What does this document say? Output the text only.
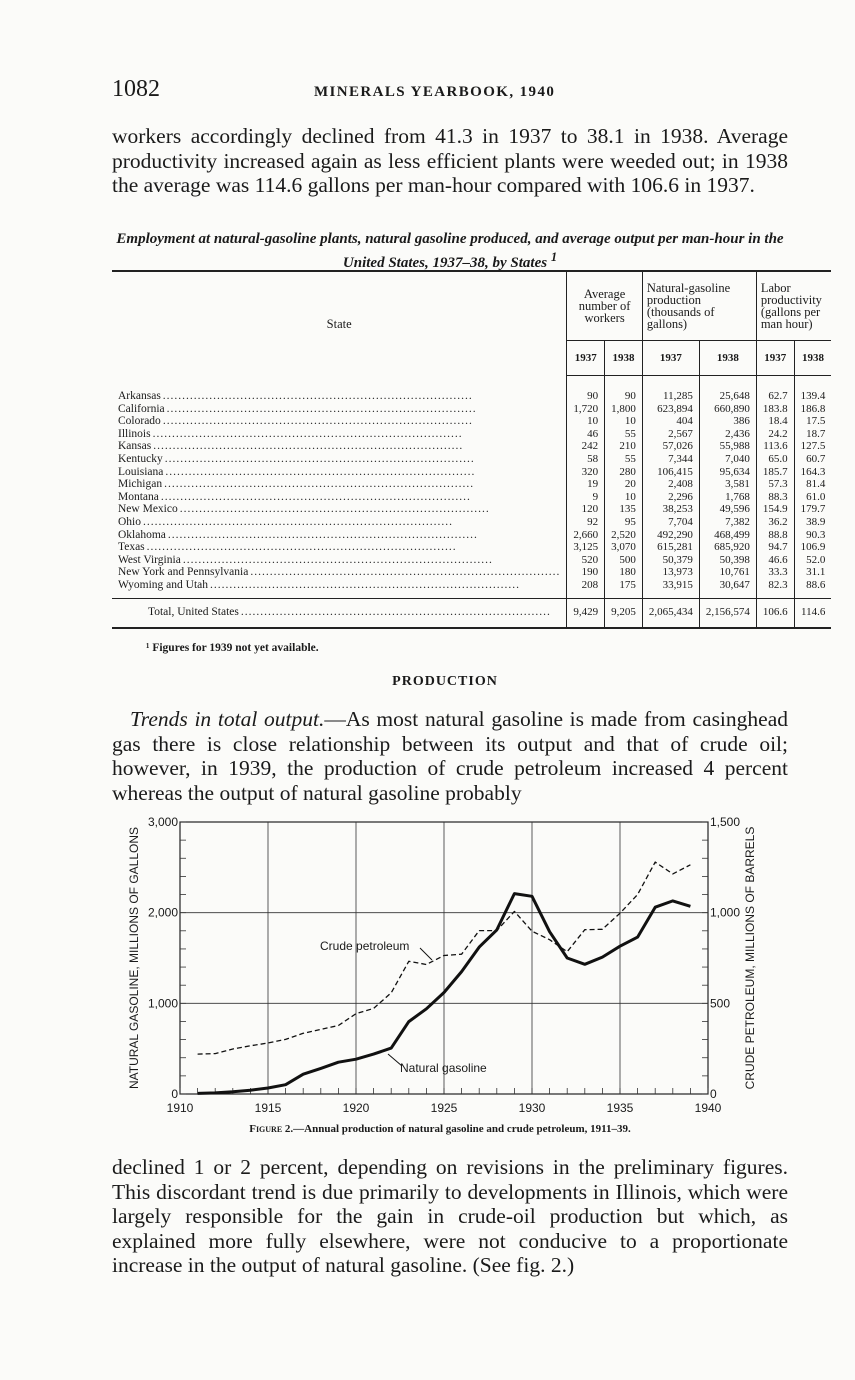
1082	MINERALS YEARBOOK, 1940

workers accordingly declined from 41.3 in 1937 to 38.1 in 1938. Average productivity increased again as less efficient plants were weeded out; in 1938 the average was 114.6 gallons per man-hour compared with 106.6 in 1937.

Employment at natural-gasoline plants, natural gasoline produced, and average output per man-hour in the United States, 1937–38, by States $^1$

State	Average number of workers		Natural-gasoline production (thousands of gallons)		Labor productivity (gallons per man hour)	
	1937	1938	1937	1938	1937	1938

Arkansas ................................................................................	90	90	11,285	25,648	62.7	139.4

California ................................................................................	1,720	1,800	623,894	660,890	183.8	186.8

Colorado ................................................................................	10	10	404	386	18.4	17.5

Illinois ................................................................................	46	55	2,567	2,436	24.2	18.7

Kansas ................................................................................	242	210	57,026	55,988	113.6	127.5

Kentucky ................................................................................	58	55	7,344	7,040	65.0	60.7

Louisiana ................................................................................	320	280	106,415	95,634	185.7	164.3

Michigan ................................................................................	19	20	2,408	3,581	57.3	81.4

Montana ................................................................................	9	10	2,296	1,768	88.3	61.0

New Mexico ................................................................................	120	135	38,253	49,596	154.9	179.7

Ohio ................................................................................	92	95	7,704	7,382	36.2	38.9

Oklahoma ................................................................................	2,660	2,520	492,290	468,499	88.8	90.3

Texas ................................................................................	3,125	3,070	615,281	685,920	94.7	106.9

West Virginia ................................................................................	520	500	50,379	50,398	46.6	52.0

New York and Pennsylvania ................................................................................	190	180	13,973	10,761	33.3	31.1

Wyoming and Utah ................................................................................	208	175	33,915	30,647	82.3	88.6

Total, United States ................................................................................	9,429	9,205	2,065,434	2,156,574	106.6	114.6
¹ Figures for 1939 not yet available.
PRODUCTION

Trends in total output.—As most natural gasoline is made from casinghead gas there is close relationship between its output and that of crude oil; however, in 1939, the production of crude petroleum increased 4 percent whereas the output of natural gasoline probably

1910	1915	1920	1925	1930	1935	1940
0
1,000
2,000
3,000
0
500
1,000
1,500
NATURAL GASOLINE, MILLIONS OF GALLONS	CRUDE PETROLEUM, MILLIONS OF BARRELS
Crude petroleum
Natural gasoline
Figure 2.—Annual production of natural gasoline and crude petroleum, 1911–39.

declined 1 or 2 percent, depending on revisions in the preliminary figures. This discordant trend is due primarily to developments in Illinois, which were largely responsible for the gain in crude-oil production but which, as explained more fully elsewhere, were not conducive to a proportionate increase in the output of natural gasoline. (See fig. 2.)
